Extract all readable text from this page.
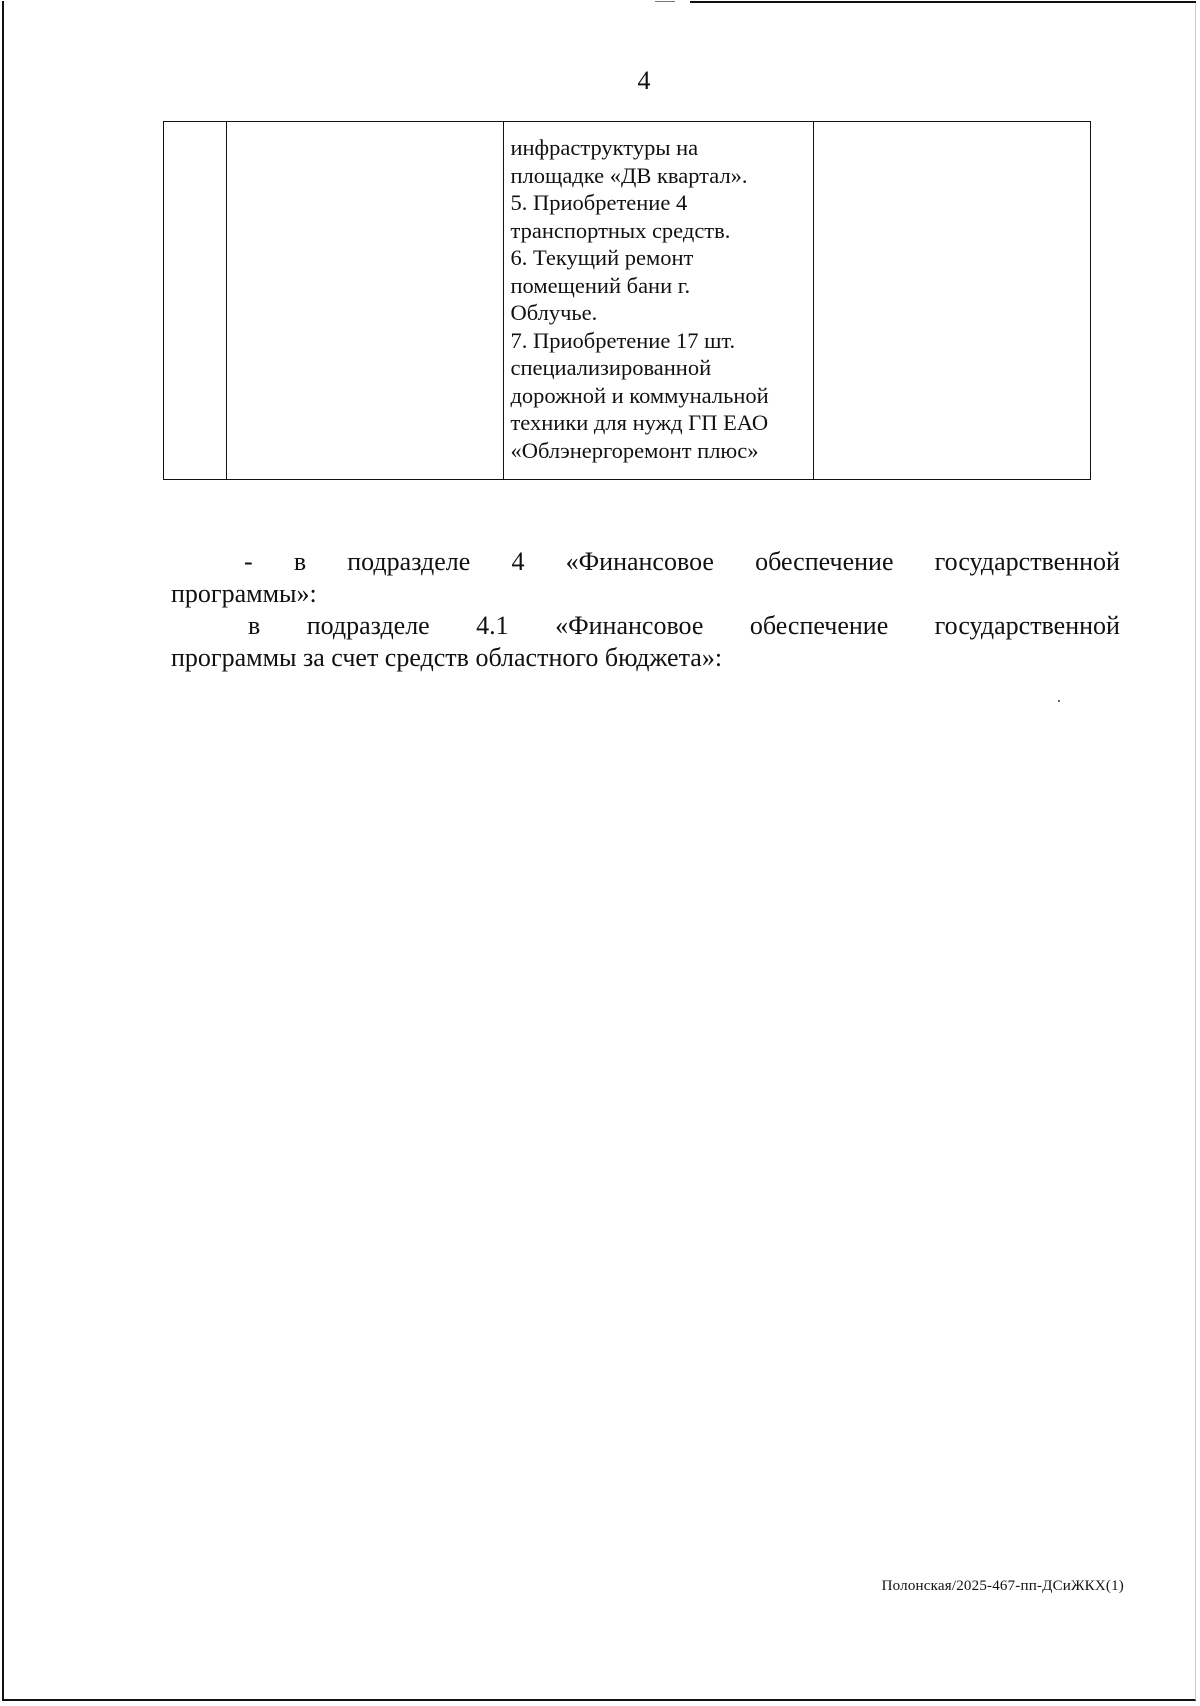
4

инфраструктуры на
площадке «ДВ квартал».
5. Приобретение 4
транспортных средств.
6. Текущий ремонт
помещений бани г.
Облучье.
7. Приобретение 17 шт.
специализированной
дорожной и коммунальной
техники для нужд ГП ЕАО
«Облэнергоремонт плюс»

- в подразделе 4 «Финансовое обеспечение государственной
программы»:
в подразделе 4.1 «Финансовое обеспечение государственной
программы за счет средств областного бюджета»:
Полонская/2025-467-пп-ДСиЖКХ(1)
